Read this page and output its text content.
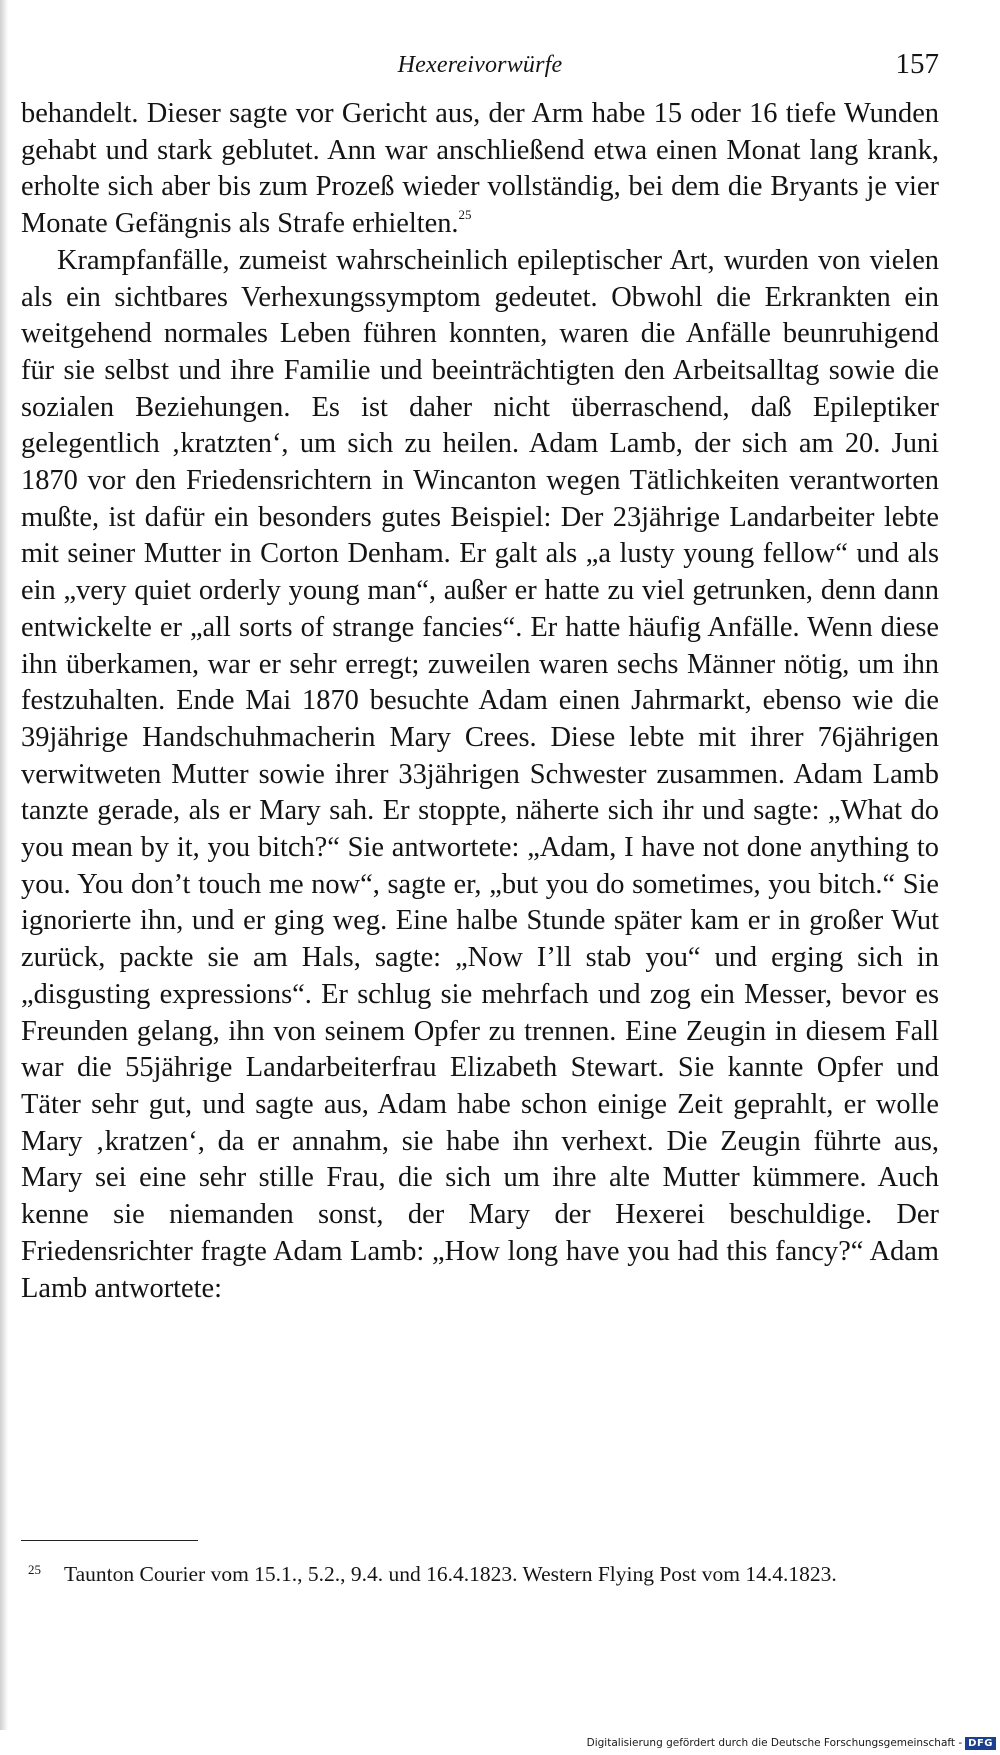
Hexereivorwürfe	157

behandelt. Dieser sagte vor Gericht aus, der Arm habe 15 oder 16 tiefe Wunden gehabt und stark geblutet. Ann war anschließend etwa einen Monat lang krank, erholte sich aber bis zum Prozeß wieder vollständig, bei dem die Bryants je vier Monate Gefängnis als Strafe erhielten.$^{25}$

Krampfanfälle, zumeist wahrscheinlich epileptischer Art, wurden von vielen als ein sichtbares Verhexungssymptom gedeutet. Obwohl die Erkrankten ein weitgehend normales Leben führen konnten, waren die Anfälle beunruhigend für sie selbst und ihre Familie und beeinträchtigten den Arbeitsalltag sowie die sozialen Beziehungen. Es ist daher nicht überraschend, daß Epileptiker gelegentlich ‚kratzten‘, um sich zu heilen. Adam Lamb, der sich am 20. Juni 1870 vor den Friedensrichtern in Wincanton wegen Tätlichkeiten verantworten mußte, ist dafür ein besonders gutes Beispiel: Der 23jährige Landarbeiter lebte mit seiner Mutter in Corton Denham. Er galt als „a lusty young fellow“ und als ein „very quiet orderly young man“, außer er hatte zu viel getrunken, denn dann entwickelte er „all sorts of strange fancies“. Er hatte häufig Anfälle. Wenn diese ihn überkamen, war er sehr erregt; zuweilen waren sechs Männer nötig, um ihn festzuhalten. Ende Mai 1870 besuchte Adam einen Jahrmarkt, ebenso wie die 39jährige Handschuhmacherin Mary Crees. Diese lebte mit ihrer 76jährigen verwitweten Mutter sowie ihrer 33jährigen Schwester zusammen. Adam Lamb tanzte gerade, als er Mary sah. Er stoppte, näherte sich ihr und sagte: „What do you mean by it, you bitch?“ Sie antwortete: „Adam, I have not done anything to you. You don’t touch me now“, sagte er, „but you do sometimes, you bitch.“ Sie ignorierte ihn, und er ging weg. Eine halbe Stunde später kam er in großer Wut zurück, packte sie am Hals, sagte: „Now I’ll stab you“ und erging sich in „disgusting expressions“. Er schlug sie mehrfach und zog ein Messer, bevor es Freunden gelang, ihn von seinem Opfer zu trennen. Eine Zeugin in diesem Fall war die 55jährige Landarbeiterfrau Elizabeth Stewart. Sie kannte Opfer und Täter sehr gut, und sagte aus, Adam habe schon einige Zeit geprahlt, er wolle Mary ‚kratzen‘, da er annahm, sie habe ihn verhext. Die Zeugin führte aus, Mary sei eine sehr stille Frau, die sich um ihre alte Mutter kümmere. Auch kenne sie niemanden sonst, der Mary der Hexerei beschuldige. Der Friedensrichter fragte Adam Lamb: „How long have you had this fancy?“ Adam Lamb antwortete:

25 Taunton Courier vom 15.1., 5.2., 9.4. und 16.4.1823. Western Flying Post vom 14.4.1823.
Digitalisierung gefördert durch die Deutsche Forschungsgemeinschaft - DFG
